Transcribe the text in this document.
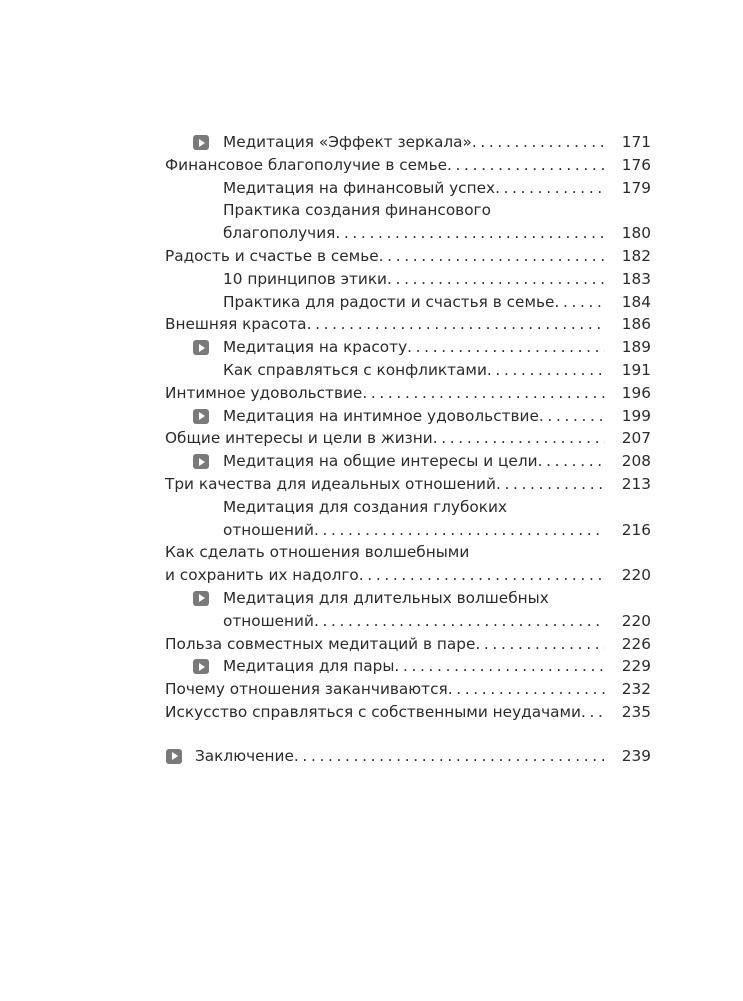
Медитация «Эффект зеркала» . . .	171
Финансовое благополучие в семье . . .	176
Медитация на финансовый успех . . .	179
Практика создания финансового
благополучия . . .	180
Радость и счастье в семье . . .	182
10 принципов этики . . .	183
Практика для радости и счастья в семье . . .	184
Внешняя красота . . .	186
Медитация на красоту . . .	189
Как справляться с конфликтами . . .	191
Интимное удовольствие . . .	196
Медитация на интимное удовольствие . . .	199
Общие интересы и цели в жизни . . .	207
Медитация на общие интересы и цели . . .	208
Три качества для идеальных отношений . . .	213
Медитация для создания глубоких
отношений . . .	216
Как сделать отношения волшебными
и сохранить их надолго . . .	220
Медитация для длительных волшебных
отношений . . .	220
Польза совместных медитаций в паре . . .	226
Медитация для пары . . .	229
Почему отношения заканчиваются . . .	232
Искусство справляться с собственными неудачами . . .	235
Заключение . . .	239
